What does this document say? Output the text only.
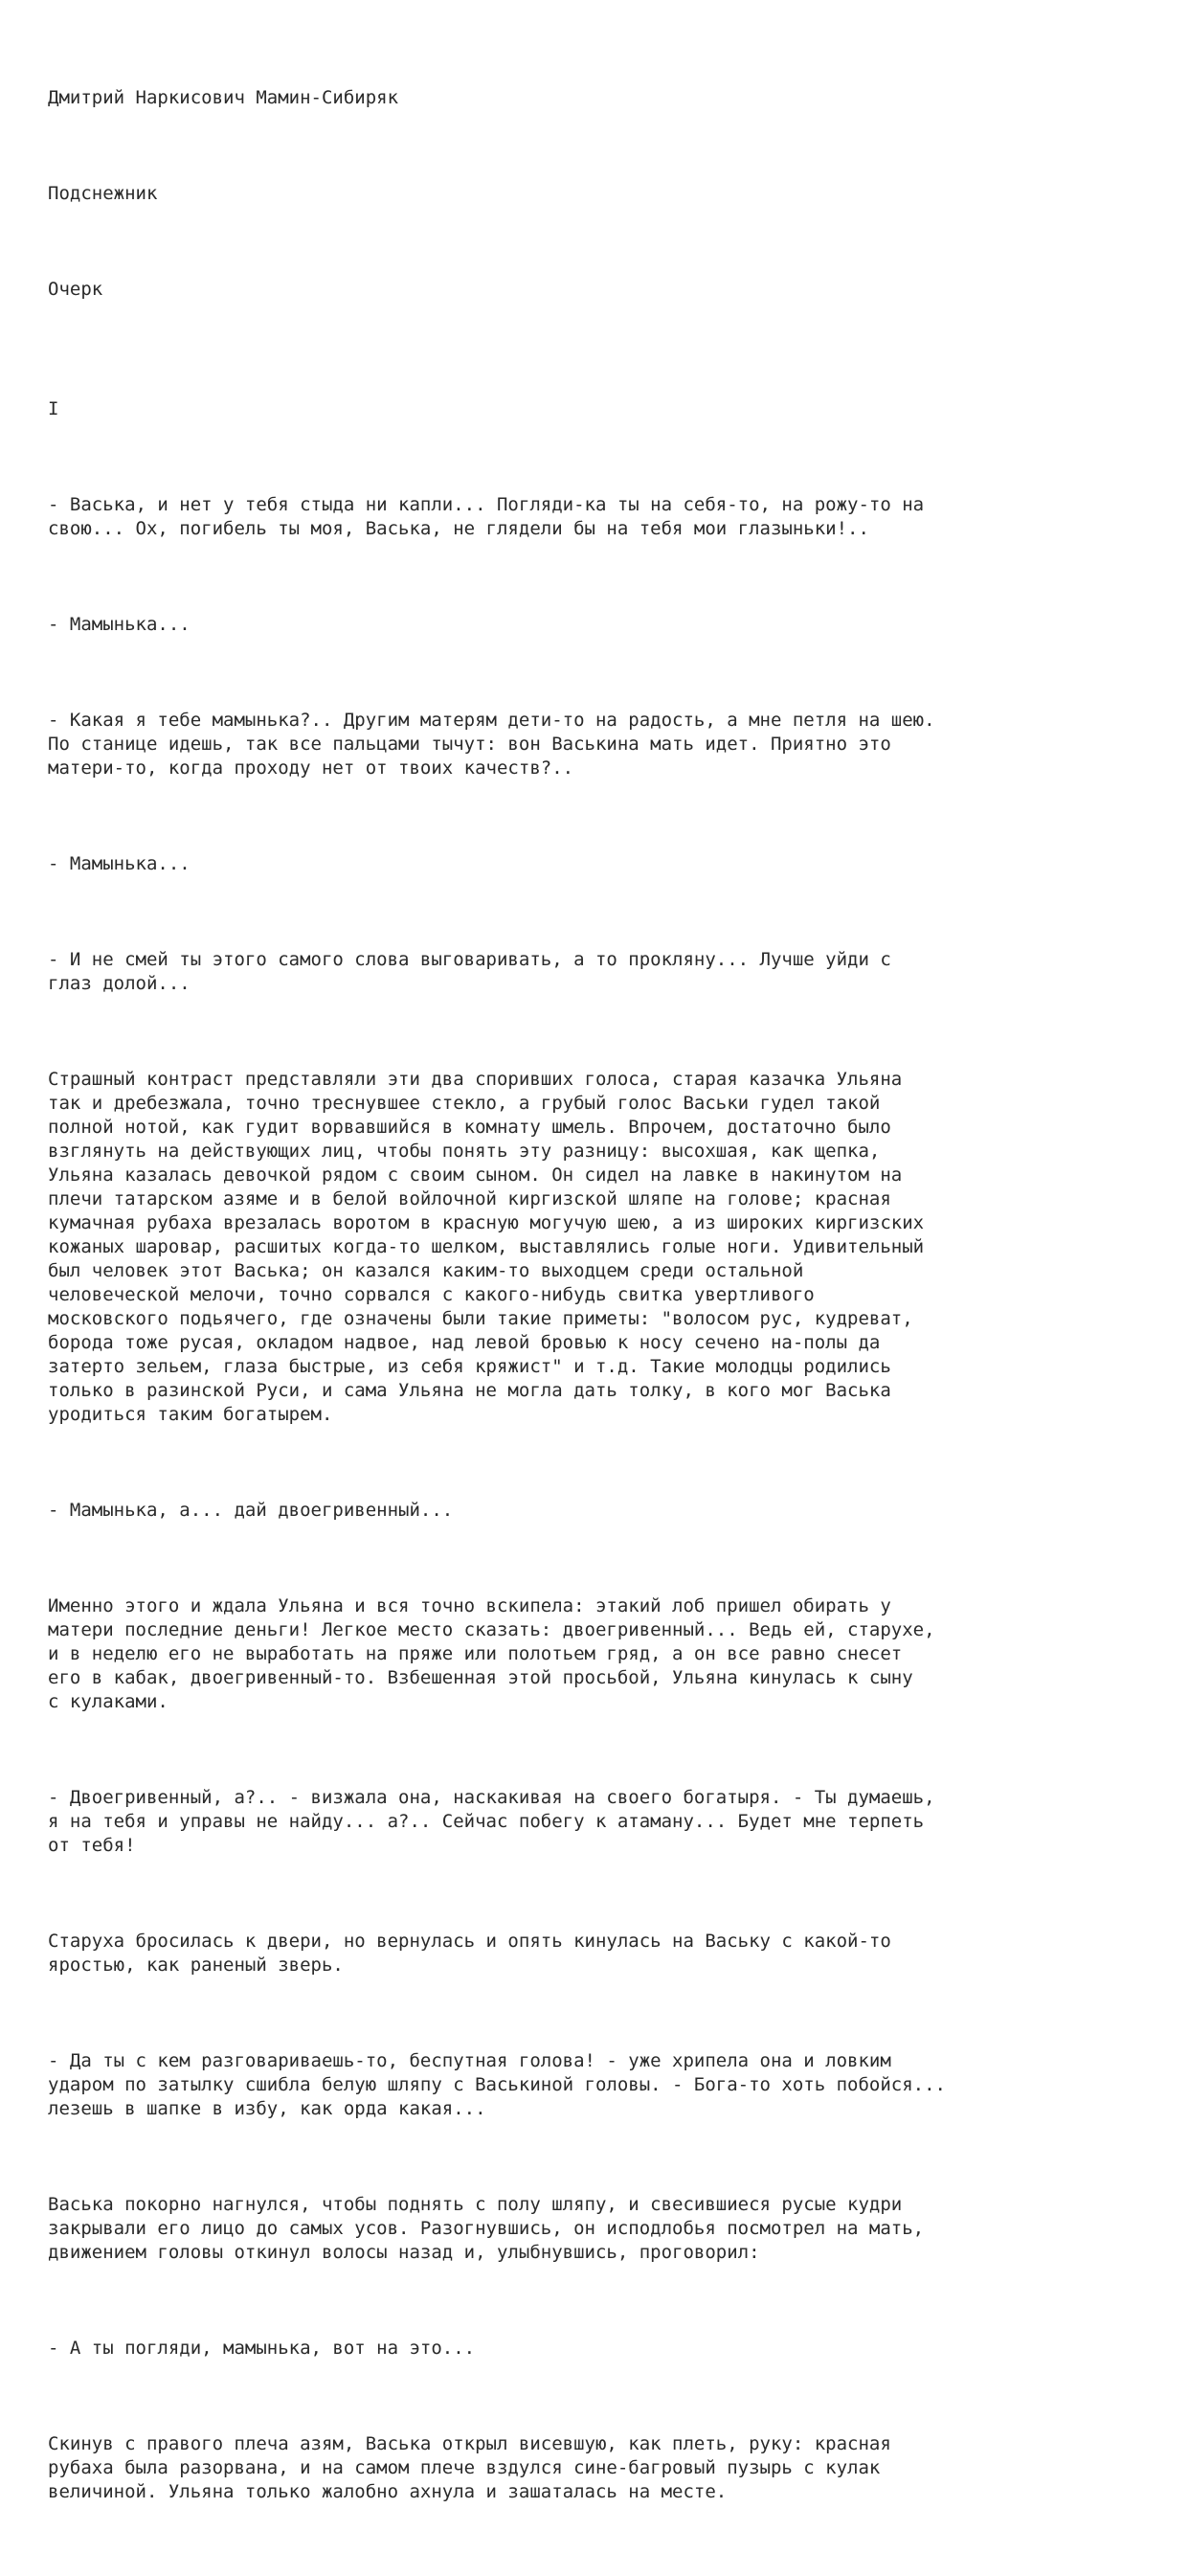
Дмитрий Наркисович Мамин-Сибиряк

Подснежник

Очерк

I

- Васька, и нет у тебя стыда ни капли... Погляди-ка ты на себя-то, на рожу-то на
свою... Ох, погибель ты моя, Васька, не глядели бы на тебя мои глазыньки!..

- Мамынька...

- Какая я тебе мамынька?.. Другим матерям дети-то на радость, а мне петля на шею.
По станице идешь, так все пальцами тычут: вон Васькина мать идет. Приятно это
матери-то, когда проходу нет от твоих качеств?..

- Мамынька...

- И не смей ты этого самого слова выговаривать, а то прокляну... Лучше уйди с
глаз долой...

Страшный контраст представляли эти два споривших голоса, старая казачка Ульяна
так и дребезжала, точно треснувшее стекло, а грубый голос Васьки гудел такой
полной нотой, как гудит ворвавшийся в комнату шмель. Впрочем, достаточно было
взглянуть на действующих лиц, чтобы понять эту разницу: высохшая, как щепка,
Ульяна казалась девочкой рядом с своим сыном. Он сидел на лавке в накинутом на
плечи татарском азяме и в белой войлочной киргизской шляпе на голове; красная
кумачная рубаха врезалась воротом в красную могучую шею, а из широких киргизских
кожаных шаровар, расшитых когда-то шелком, выставлялись голые ноги. Удивительный
был человек этот Васька; он казался каким-то выходцем среди остальной
человеческой мелочи, точно сорвался с какого-нибудь свитка увертливого
московского подьячего, где означены были такие приметы: "волосом рус, кудреват,
борода тоже русая, окладом надвое, над левой бровью к носу сечено на-полы да
затерто зельем, глаза быстрые, из себя кряжист" и т.д. Такие молодцы родились
только в разинской Руси, и сама Ульяна не могла дать толку, в кого мог Васька
уродиться таким богатырем.

- Мамынька, а... дай двоегривенный...

Именно этого и ждала Ульяна и вся точно вскипела: этакий лоб пришел обирать у
матери последние деньги! Легкое место сказать: двоегривенный... Ведь ей, старухе,
и в неделю его не выработать на пряже или полотьем гряд, а он все равно снесет
его в кабак, двоегривенный-то. Взбешенная этой просьбой, Ульяна кинулась к сыну
с кулаками.

- Двоегривенный, а?.. - визжала она, наскакивая на своего богатыря. - Ты думаешь,
я на тебя и управы не найду... а?.. Сейчас побегу к атаману... Будет мне терпеть
от тебя!

Старуха бросилась к двери, но вернулась и опять кинулась на Ваську с какой-то
яростью, как раненый зверь.

- Да ты с кем разговариваешь-то, беспутная голова! - уже хрипела она и ловким
ударом по затылку сшибла белую шляпу с Васькиной головы. - Бога-то хоть побойся...
лезешь в шапке в избу, как орда какая...

Васька покорно нагнулся, чтобы поднять с полу шляпу, и свесившиеся русые кудри
закрывали его лицо до самых усов. Разогнувшись, он исподлобья посмотрел на мать,
движением головы откинул волосы назад и, улыбнувшись, проговорил:

- А ты погляди, мамынька, вот на это...

Скинув с правого плеча азям, Васька открыл висевшую, как плеть, руку: красная
рубаха была разорвана, и на самом плече вздулся сине-багровый пузырь с кулак
величиной. Ульяна только жалобно ахнула и зашаталась на месте.
